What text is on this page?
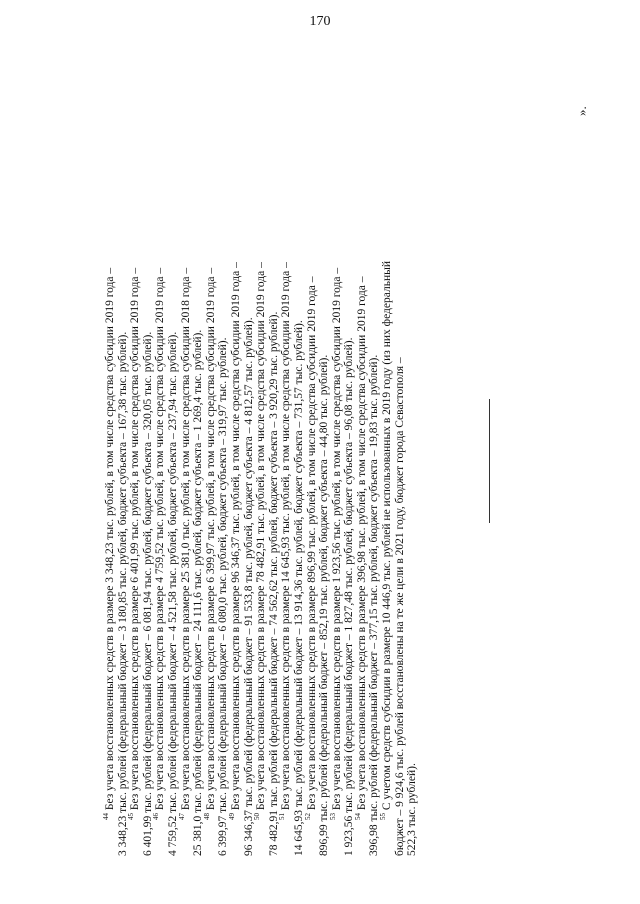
170

$^{44}$ Без учета восстановленных средств в размере 3 348,23 тыс. рублей, в том числе средства субсидии 2019 года – 3 348,23 тыс. рублей (федеральный бюджет – 3 180,85 тыс. рублей, бюджет субъекта – 167,38 тыс. рублей).

$^{45}$ Без учета восстановленных средств в размере 6 401,99 тыс. рублей, в том числе средства субсидии 2019 года – 6 401,99 тыс. рублей (федеральный бюджет – 6 081,94 тыс. рублей, бюджет субъекта – 320,05 тыс. рублей).

$^{46}$ Без учета восстановленных средств в размере 4 759,52 тыс. рублей, в том числе средства субсидии 2019 года – 4 759,52 тыс. рублей (федеральный бюджет – 4 521,58 тыс. рублей, бюджет субъекта – 237,94 тыс. рублей).

$^{47}$ Без учета восстановленных средств в размере 25 381,0 тыс. рублей, в том числе средства субсидии 2018 года – 25 381,0 тыс. рублей (федеральный бюджет – 24 111,6 тыс. рублей, бюджет субъекта – 1 269,4 тыс. рублей).

$^{48}$ Без учета восстановленных средств в размере 6 399,97 тыс. рублей, в том числе средства субсидии 2019 года – 6 399,97 тыс. рублей (федеральный бюджет – 6 080,0 тыс. рублей, бюджет субъекта – 319,97 тыс. рублей).

$^{49}$ Без учета восстановленных средств в размере 96 346,37 тыс. рублей, в том числе средства субсидии 2019 года – 96 346,37 тыс. рублей (федеральный бюджет – 91 533,8 тыс. рублей, бюджет субъекта – 4 812,57 тыс. рублей).

$^{50}$ Без учета восстановленных средств в размере 78 482,91 тыс. рублей, в том числе средства субсидии 2019 года – 78 482,91 тыс. рублей (федеральный бюджет – 74 562,62 тыс. рублей, бюджет субъекта – 3 920,29 тыс. рублей).

$^{51}$ Без учета восстановленных средств в размере 14 645,93 тыс. рублей, в том числе средства субсидии 2019 года – 14 645,93 тыс. рублей (федеральный бюджет – 13 914,36 тыс. рублей, бюджет субъекта – 731,57 тыс. рублей).

$^{52}$ Без учета восстановленных средств в размере 896,99 тыс. рублей, в том числе средства субсидии 2019 года – 896,99 тыс. рублей (федеральный бюджет – 852,19 тыс. рублей, бюджет субъекта – 44,80 тыс. рублей).

$^{53}$ Без учета восстановленных средств в размере 1 923,56 тыс. рублей, в том числе средства субсидии 2019 года – 1 923,56 тыс. рублей (федеральный бюджет – 1 827,48 тыс. рублей, бюджет субъекта – 96,08 тыс. рублей).

$^{54}$ Без учета восстановленных средств в размере 396,98 тыс. рублей, в том числе средства субсидии 2019 года – 396,98 тыс. рублей (федеральный бюджет – 377,15 тыс. рублей, бюджет субъекта – 19,83 тыс. рублей).

$^{55}$ С учетом средств субсидии в размере 10 446,9 тыс. рублей не использованных в 2019 году (из них федеральный бюджет – 9 924,6 тыс. рублей восстановлены на те же цели в 2021 году, бюджет города Севастополя – 522,3 тыс. рублей).

».
